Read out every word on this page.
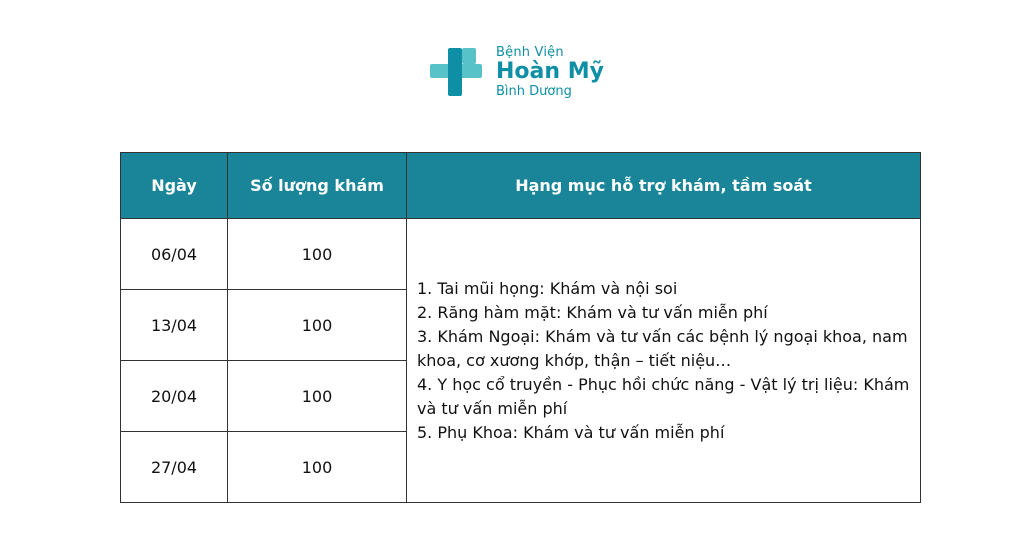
Bệnh Viện
Hoàn Mỹ
Bình Dương
Ngày	Số lượng khám	Hạng mục hỗ trợ khám, tầm soát
06/04	100	1. Tai mũi họng: Khám và nội soi
2. Răng hàm mặt: Khám và tư vấn miễn phí
3. Khám Ngoại: Khám và tư vấn các bệnh lý ngoại khoa, nam khoa, cơ xương khớp, thận – tiết niệu…
4. Y học cổ truyền - Phục hồi chức năng - Vật lý trị liệu: Khám và tư vấn miễn phí
5. Phụ Khoa: Khám và tư vấn miễn phí

13/04	100	
20/04	100	
27/04	100	
